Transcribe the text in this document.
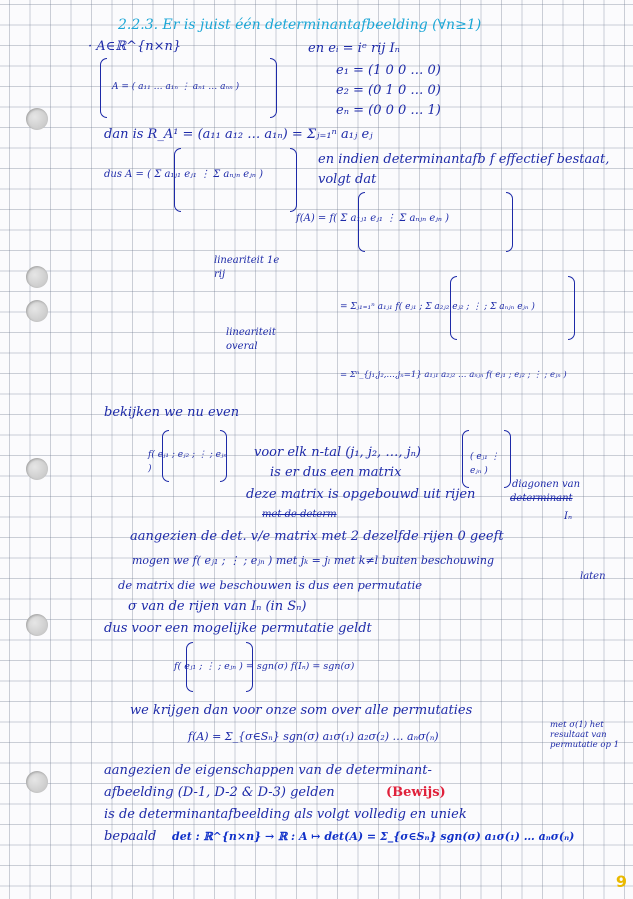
2.2.3. Er is juist één determinantafbeelding (∀n≥1)
· A∈ℝ^{n×n}
A = ( a₁₁ … a₁ₙ ⋮ aₙ₁ … aₙₙ )
en eᵢ = iᵉ rij Iₙ
e₁ = (1 0 0 … 0)
e₂ = (0 1 0 … 0)
eₙ = (0 0 0 … 1)
dan is R_A¹ = (a₁₁ a₁₂ … a₁ₙ) = Σⱼ₌₁ⁿ a₁ⱼ eⱼ
dus A = ( Σ a₁ⱼ₁ eⱼ₁ ⋮ Σ aₙⱼₙ eⱼₙ )
en indien determinantafb f effectief bestaat, volgt dat
f(A) = f( Σ a₁ⱼ₁ eⱼ₁ ⋮ Σ aₙⱼₙ eⱼₙ )
lineariteit 1e rij
= Σⱼ₁₌₁ⁿ a₁ⱼ₁ f( eⱼ₁ ; Σ a₂ⱼ₂ eⱼ₂ ; ⋮ ; Σ aₙⱼₙ eⱼₙ )
lineariteit overal
= Σⁿ_{j₁,j₂,…,jₙ=1} a₁ⱼ₁ a₂ⱼ₂ … aₙⱼₙ f( eⱼ₁ ; eⱼ₂ ; ⋮ ; eⱼₙ )
bekijken we nu even
f( eⱼ₁ ; eⱼ₂ ; ⋮ ; eⱼₙ )
voor elk n-tal (j₁, j₂, …, jₙ)
is er dus een matrix
( eⱼ₁ ⋮ eⱼₙ )
deze matrix is opgebouwd uit rijen
diagonen van
determinant
met de determ	Iₙ
aangezien de det. v/e matrix met 2 dezelfde rijen 0 geeft
mogen we f( eⱼ₁ ; ⋮ ; eⱼₙ ) met jₖ = jₗ met k≠l buiten beschouwing
laten
de matrix die we beschouwen is dus een permutatie
σ van de rijen van Iₙ (in Sₙ)
dus voor een mogelijke permutatie geldt
f( eⱼ₁ ; ⋮ ; eⱼₙ ) = sgn(σ) f(Iₙ) = sgn(σ)
we krijgen dan voor onze som over alle permutaties
f(A) = Σ_{σ∈Sₙ} sgn(σ) a₁σ(₁) a₂σ(₂) … aₙσ(ₙ)
met σ(1) het resultaat van permutatie op 1
aangezien de eigenschappen van de determinant-
afbeelding (D-1, D-2 & D-3) gelden	(Bewijs)
is de determinantafbeelding als volgt volledig en uniek
bepaald det : ℝ^{n×n} → ℝ : A ↦ det(A) = Σ_{σ∈Sₙ} sgn(σ) a₁σ(₁) … aₙσ(ₙ)
9
